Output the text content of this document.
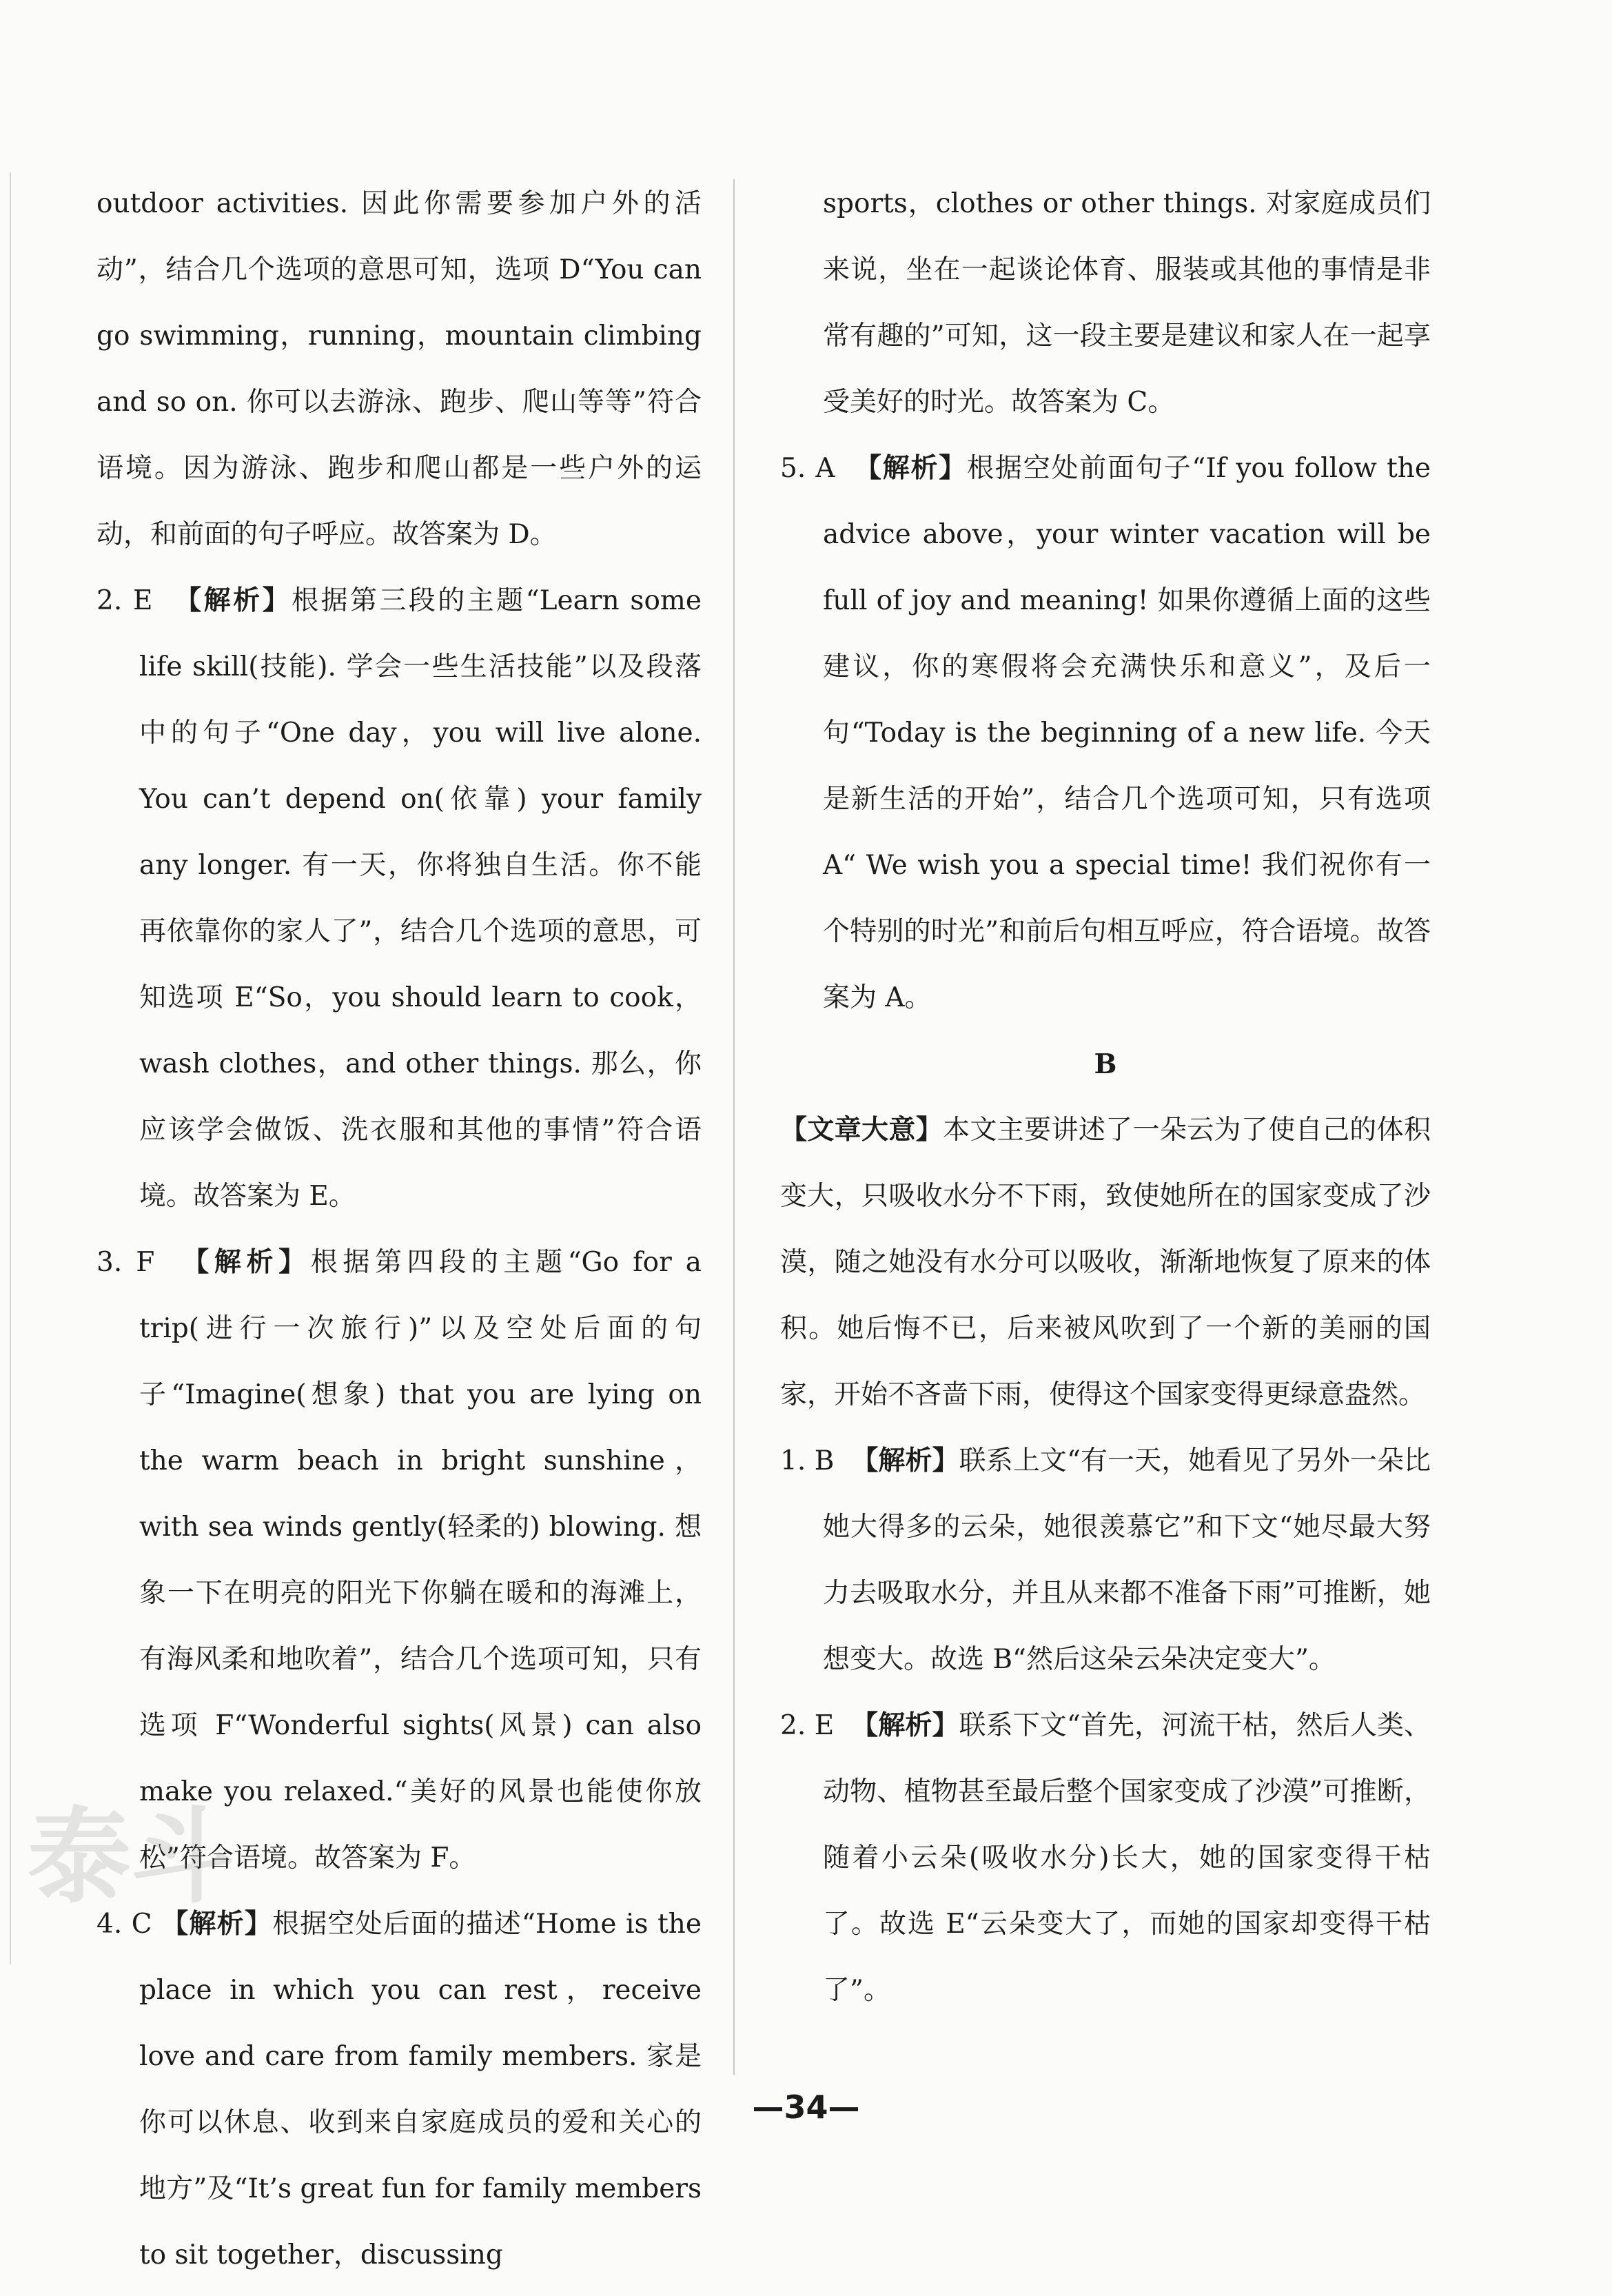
outdoor activities. 因此你需要参加户外的活动”，结合几个选项的意思可知，选项 D“You can go swimming，running，mountain climbing and so on. 你可以去游泳、跑步、爬山等等”符合语境。因为游泳、跑步和爬山都是一些户外的运动，和前面的句子呼应。故答案为 D。

2. E 【解析】根据第三段的主题“Learn some life skill(技能). 学会一些生活技能”以及段落中的句子“One day，you will live alone. You can’t depend on(依靠) your family any longer. 有一天，你将独自生活。你不能再依靠你的家人了”，结合几个选项的意思，可知选项 E“So，you should learn to cook，wash clothes，and other things. 那么，你应该学会做饭、洗衣服和其他的事情”符合语境。故答案为 E。

3. F 【解析】根据第四段的主题“Go for a trip(进行一次旅行)”以及空处后面的句子“Imagine(想象) that you are lying on the warm beach in bright sunshine，with sea winds gently(轻柔的) blowing. 想象一下在明亮的阳光下你躺在暖和的海滩上，有海风柔和地吹着”，结合几个选项可知，只有选项 F“Wonderful sights(风景) can also make you relaxed.“美好的风景也能使你放松”符合语境。故答案为 F。

4. C 【解析】根据空处后面的描述“Home is the place in which you can rest，receive love and care from family members. 家是你可以休息、收到来自家庭成员的爱和关心的地方”及“It’s great fun for family members to sit together，discussing

sports，clothes or other things. 对家庭成员们来说，坐在一起谈论体育、服装或其他的事情是非常有趣的”可知，这一段主要是建议和家人在一起享受美好的时光。故答案为 C。

5. A 【解析】根据空处前面句子“If you follow the advice above，your winter vacation will be full of joy and meaning! 如果你遵循上面的这些建议，你的寒假将会充满快乐和意义”，及后一句“Today is the beginning of a new life. 今天是新生活的开始”，结合几个选项可知，只有选项 A“ We wish you a special time! 我们祝你有一个特别的时光”和前后句相互呼应，符合语境。故答案为 A。

B

【文章大意】本文主要讲述了一朵云为了使自己的体积变大，只吸收水分不下雨，致使她所在的国家变成了沙漠，随之她没有水分可以吸收，渐渐地恢复了原来的体积。她后悔不已，后来被风吹到了一个新的美丽的国家，开始不吝啬下雨，使得这个国家变得更绿意盎然。

1. B 【解析】联系上文“有一天，她看见了另外一朵比她大得多的云朵，她很羡慕它”和下文“她尽最大努力去吸取水分，并且从来都不准备下雨”可推断，她想变大。故选 B“然后这朵云朵决定变大”。

2. E 【解析】联系下文“首先，河流干枯，然后人类、动物、植物甚至最后整个国家变成了沙漠”可推断，随着小云朵(吸收水分)长大，她的国家变得干枯了。故选 E“云朵变大了，而她的国家却变得干枯了”。

泰斗
—34—
